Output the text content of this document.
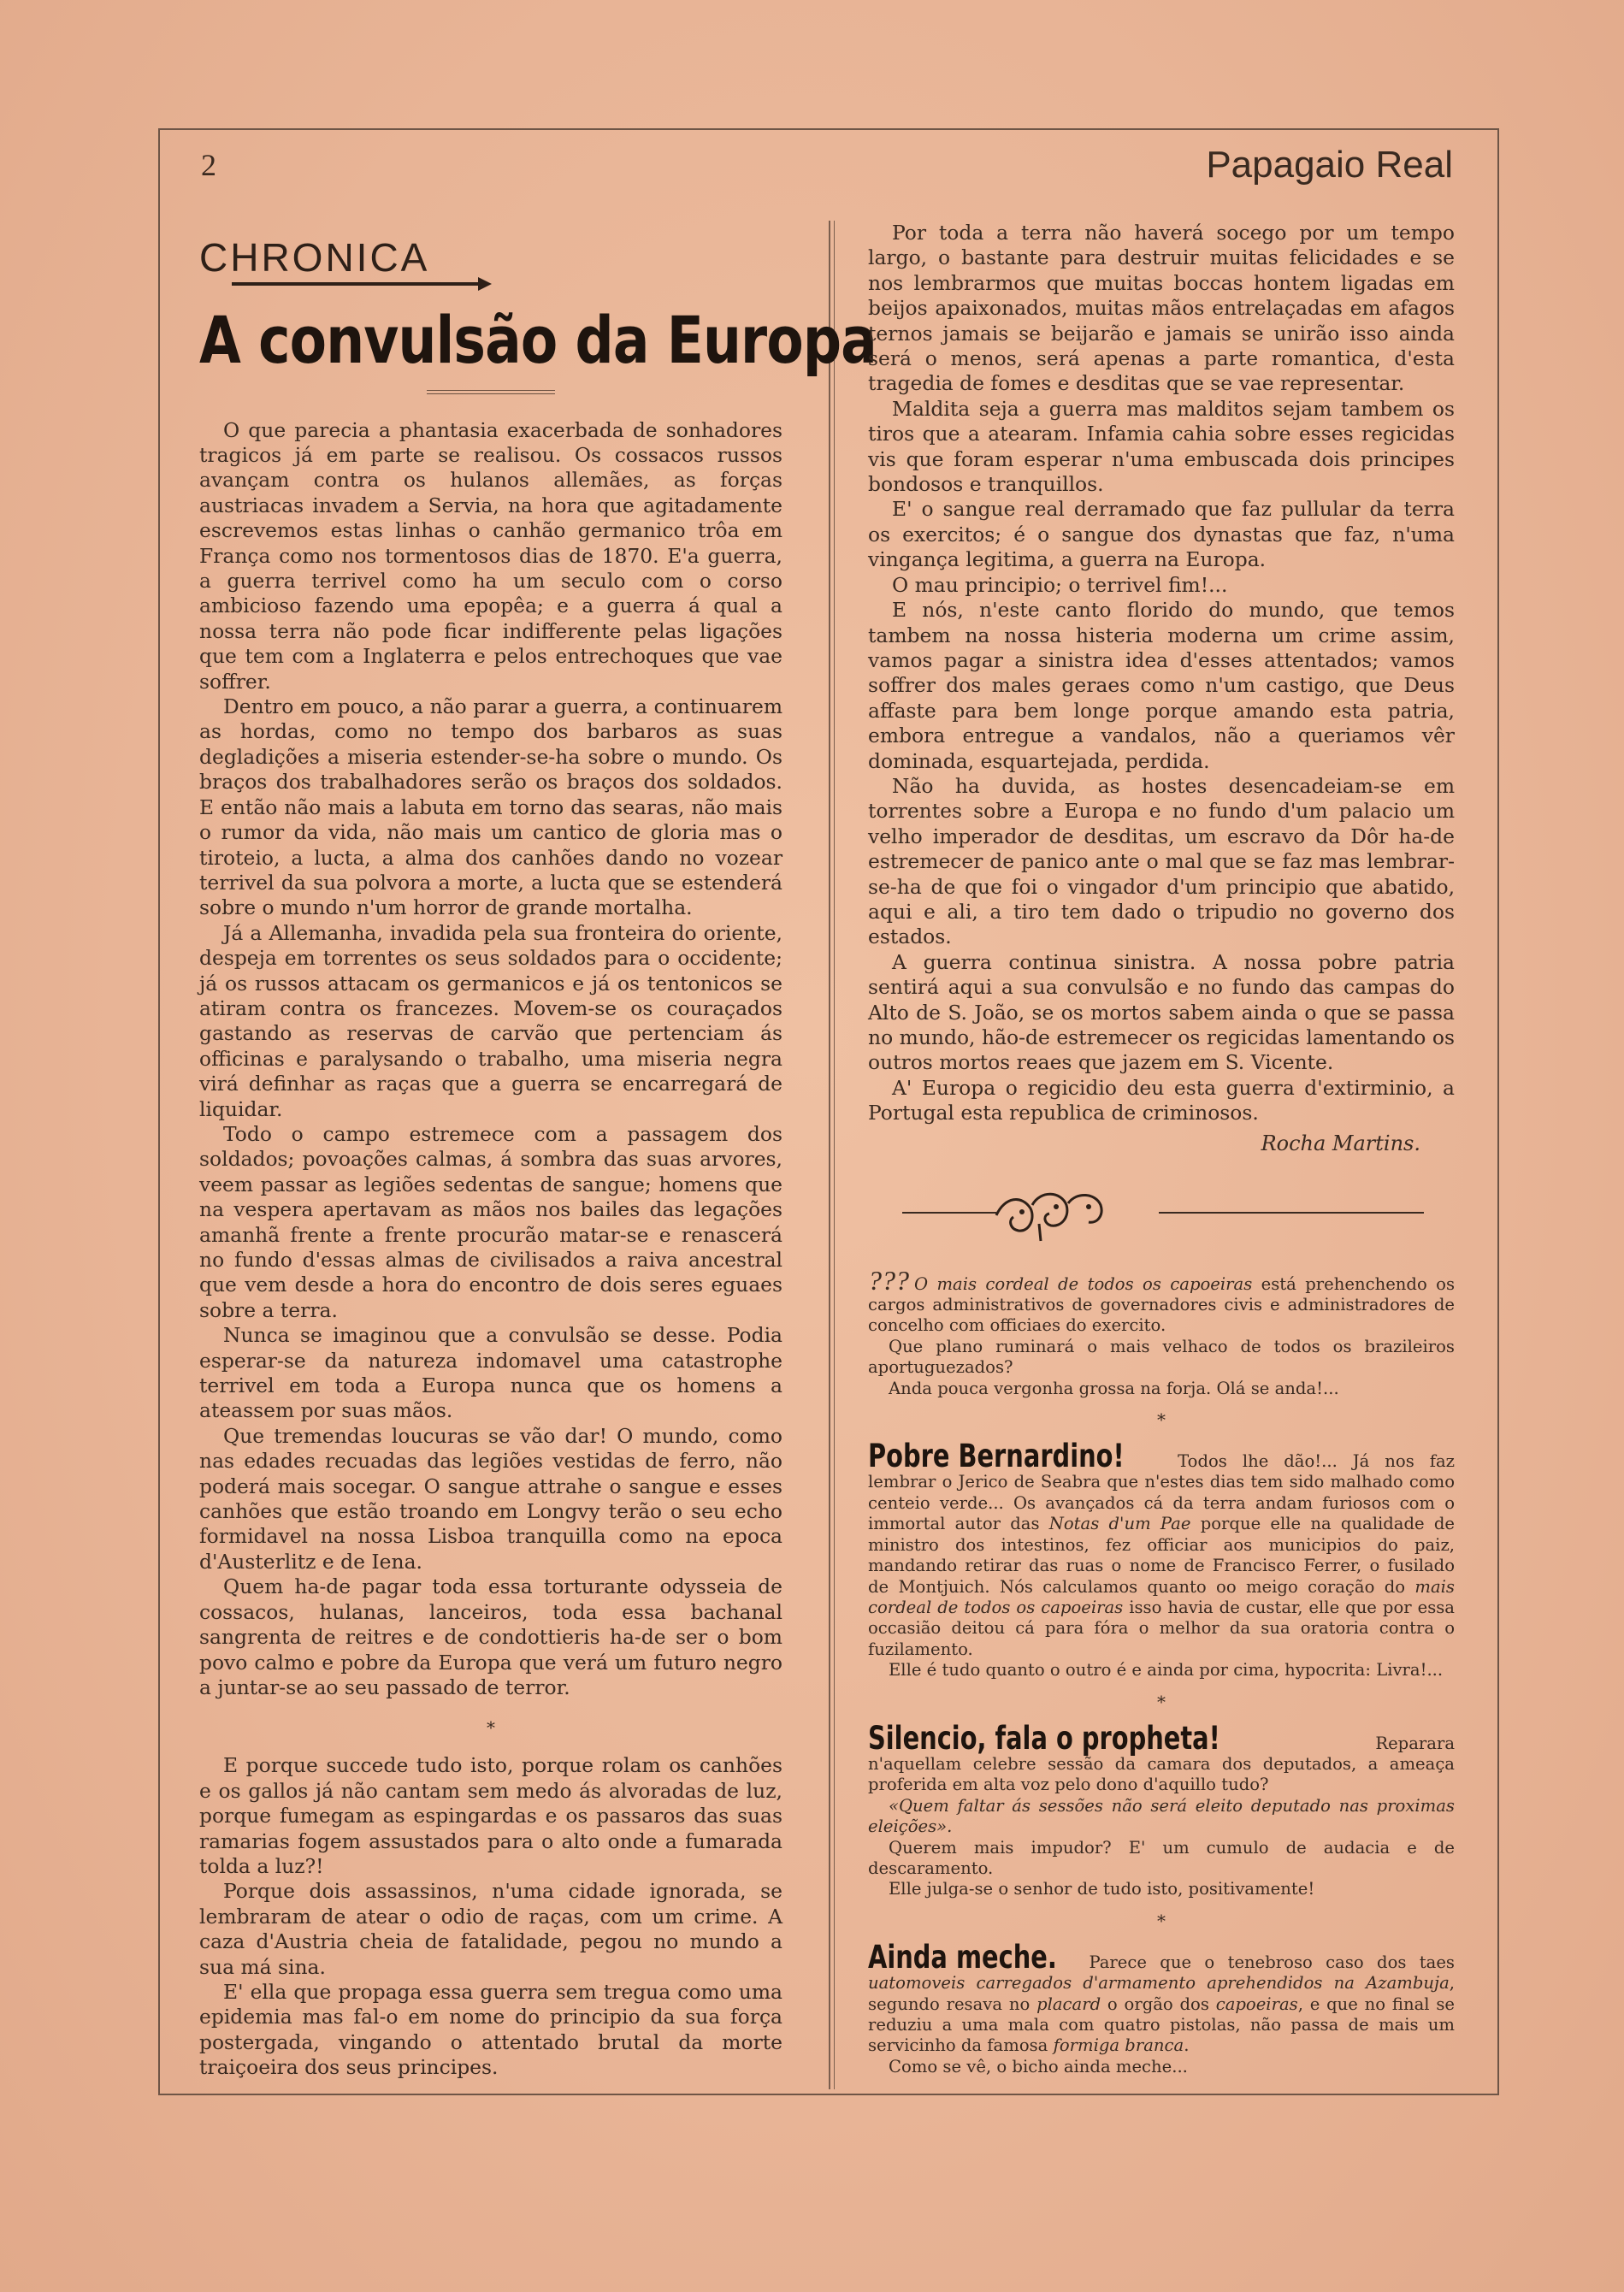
2	Papagaio Real
CHRONICA
A convulsão da Europa

O que parecia a phantasia exacerbada de sonhadores tragicos já em parte se realisou. Os cossacos russos avançam contra os hulanos allemães, as forças austriacas invadem a Servia, na hora que agitadamente escrevemos estas linhas o canhão germanico trôa em França como nos tormentosos dias de 1870. E'a guerra, a guerra terrivel como ha um seculo com o corso ambicioso fazendo uma epopêa; e a guerra á qual a nossa terra não pode ficar indifferente pelas ligações que tem com a Inglaterra e pelos entrechoques que vae soffrer.

Dentro em pouco, a não parar a guerra, a continuarem as hordas, como no tempo dos barbaros as suas degladições a miseria estender-se-ha sobre o mundo. Os braços dos trabalhadores serão os braços dos soldados. E então não mais a labuta em torno das searas, não mais o rumor da vida, não mais um cantico de gloria mas o tiroteio, a lucta, a alma dos canhões dando no vozear terrivel da sua polvora a morte, a lucta que se estenderá sobre o mundo n'um horror de grande mortalha.

Já a Allemanha, invadida pela sua fronteira do oriente, despeja em torrentes os seus soldados para o occidente; já os russos attacam os germanicos e já os tentonicos se atiram contra os francezes. Movem-se os couraçados gastando as reservas de carvão que pertenciam ás officinas e paralysando o trabalho, uma miseria negra virá definhar as raças que a guerra se encarregará de liquidar.

Todo o campo estremece com a passagem dos soldados; povoações calmas, á sombra das suas arvores, veem passar as legiões sedentas de sangue; homens que na vespera apertavam as mãos nos bailes das legações amanhã frente a frente procurão matar-se e renascerá no fundo d'essas almas de civilisados a raiva ancestral que vem desde a hora do encontro de dois seres eguaes sobre a terra.

Nunca se imaginou que a convulsão se desse. Podia esperar-se da natureza indomavel uma catastrophe terrivel em toda a Europa nunca que os homens a ateassem por suas mãos.

Que tremendas loucuras se vão dar! O mundo, como nas edades recuadas das legiões vestidas de ferro, não poderá mais socegar. O sangue attrahe o sangue e esses canhões que estão troando em Longvy terão o seu echo formidavel na nossa Lisboa tranquilla como na epoca d'Austerlitz e de Iena.

Quem ha-de pagar toda essa torturante odysseia de cossacos, hulanas, lanceiros, toda essa bachanal sangrenta de reitres e de condottieris ha-de ser o bom povo calmo e pobre da Europa que verá um futuro negro a juntar-se ao seu passado de terror.

*

E porque succede tudo isto, porque rolam os canhões e os gallos já não cantam sem medo ás alvoradas de luz, porque fumegam as espingardas e os passaros das suas ramarias fogem assustados para o alto onde a fumarada tolda a luz?!

Porque dois assassinos, n'uma cidade ignorada, se lembraram de atear o odio de raças, com um crime. A caza d'Austria cheia de fatalidade, pegou no mundo a sua má sina.

E' ella que propaga essa guerra sem tregua como uma epidemia mas fal-o em nome do principio da sua força postergada, vingando o attentado brutal da morte traiçoeira dos seus principes.

Por toda a terra não haverá socego por um tempo largo, o bastante para destruir muitas felicidades e se nos lembrarmos que muitas boccas hontem ligadas em beijos apaixonados, muitas mãos entrelaçadas em afagos ternos jamais se beijarão e jamais se unirão isso ainda será o menos, será apenas a parte romantica, d'esta tragedia de fomes e desditas que se vae representar.

Maldita seja a guerra mas malditos sejam tambem os tiros que a atearam. Infamia cahia sobre esses regicidas vis que foram esperar n'uma embuscada dois principes bondosos e tranquillos.

E' o sangue real derramado que faz pullular da terra os exercitos; é o sangue dos dynastas que faz, n'uma vingança legitima, a guerra na Europa.

O mau principio; o terrivel fim!...

E nós, n'este canto florido do mundo, que temos tambem na nossa histeria moderna um crime assim, vamos pagar a sinistra idea d'esses attentados; vamos soffrer dos males geraes como n'um castigo, que Deus affaste para bem longe porque amando esta patria, embora entregue a vandalos, não a queriamos vêr dominada, esquartejada, perdida.

Não ha duvida, as hostes desencadeiam-se em torrentes sobre a Europa e no fundo d'um palacio um velho imperador de desditas, um escravo da Dôr ha-de estremecer de panico ante o mal que se faz mas lembrar-se-ha de que foi o vingador d'um principio que abatido, aqui e ali, a tiro tem dado o tripudio no governo dos estados.

A guerra continua sinistra. A nossa pobre patria sentirá aqui a sua convulsão e no fundo das campas do Alto de S. João, se os mortos sabem ainda o que se passa no mundo, hão-de estremecer os regicidas lamentando os outros mortos reaes que jazem em S. Vicente.

A' Europa o regicidio deu esta guerra d'extirminio, a Portugal esta republica de criminosos.

Rocha Martins.

??? O mais cordeal de todos os capoeiras está prehenchendo os cargos administrativos de governadores civis e administradores de concelho com officiaes do exercito.

Que plano ruminará o mais velhaco de todos os brazileiros aportuguezados?

Anda pouca vergonha grossa na forja. Olá se anda!...

*

Pobre Bernardino!	Todos lhe dão!... Já nos faz lembrar o Jerico de Seabra que n'estes dias tem sido malhado como centeio verde... Os avançados cá da terra andam furiosos com o immortal autor das Notas d'um Pae porque elle na qualidade de ministro dos intestinos, fez officiar aos municipios do paiz, mandando retirar das ruas o nome de Francisco Ferrer, o fusilado de Montjuich. Nós calculamos quanto oo meigo coração do mais cordeal de todos os capoeiras isso havia de custar, elle que por essa occasião deitou cá para fóra o melhor da sua oratoria contra o fuzilamento.

Elle é tudo quanto o outro é e ainda por cima, hypocrita: Livra!...

*

Silencio, fala o propheta!	Reparara n'aquellam celebre sessão da camara dos deputados, a ameaça proferida em alta voz pelo dono d'aquillo tudo?

«Quem faltar ás sessões não será eleito deputado nas proximas eleições».

Querem mais impudor? E' um cumulo de audacia e de descaramento.

Elle julga-se o senhor de tudo isto, positivamente!

*

Ainda meche. Parece que o tenebroso caso dos taes uatomoveis carregados d'armamento aprehendidos na Azambuja, segundo resava no placard o orgão dos capoeiras, e que no final se reduziu a uma mala com quatro pistolas, não passa de mais um servicinho da famosa formiga branca.

Como se vê, o bicho ainda meche...
